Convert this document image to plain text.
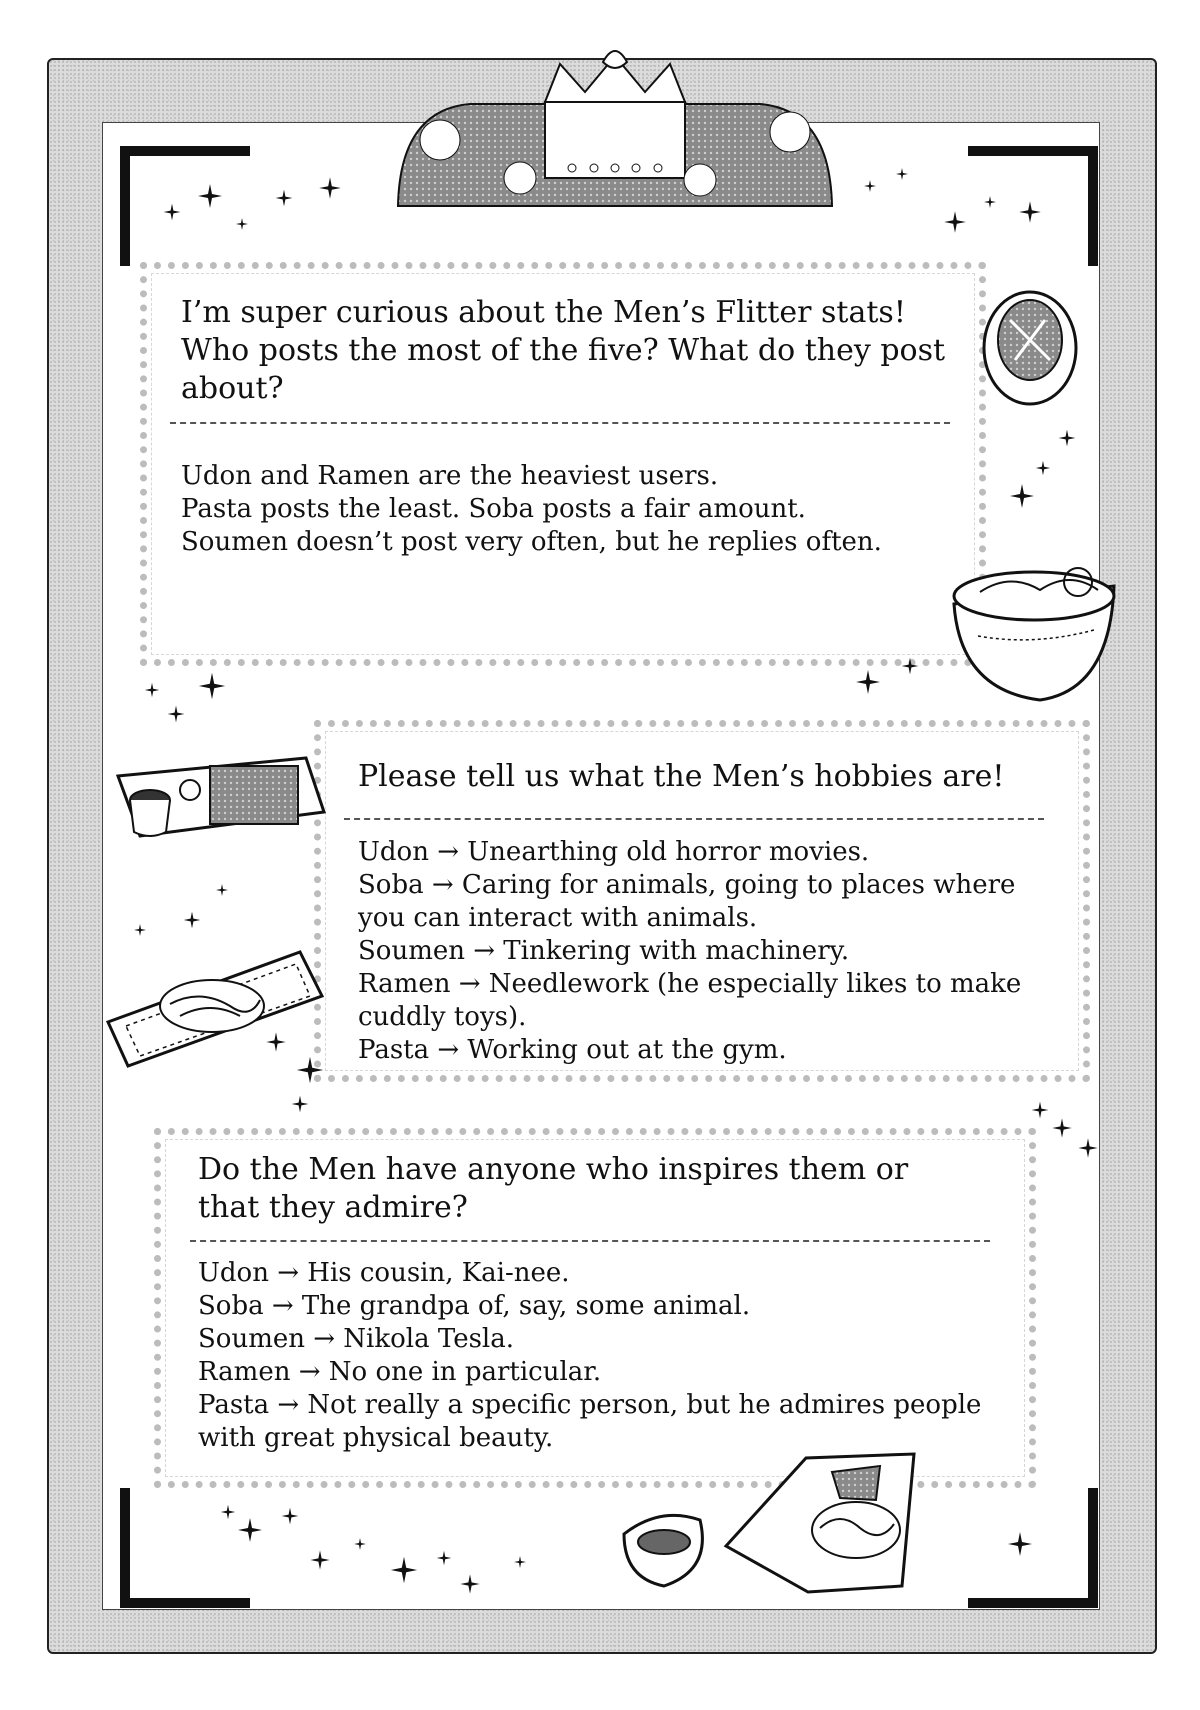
I’m super curious about the Men’s Flitter stats!
Who posts the most of the five? What do they post
about?
Udon and Ramen are the heaviest users.
Pasta posts the least. Soba posts a fair amount.
Soumen doesn’t post very often, but he replies often.
Please tell us what the Men’s hobbies are!
Udon → Unearthing old horror movies.
Soba → Caring for animals, going to places where
you can interact with animals.
Soumen → Tinkering with machinery.
Ramen → Needlework (he especially likes to make
cuddly toys).
Pasta → Working out at the gym.
Do the Men have anyone who inspires them or
that they admire?
Udon → His cousin, Kai-nee.
Soba → The grandpa of, say, some animal.
Soumen → Nikola Tesla.
Ramen → No one in particular.
Pasta → Not really a specific person, but he admires people
with great physical beauty.
